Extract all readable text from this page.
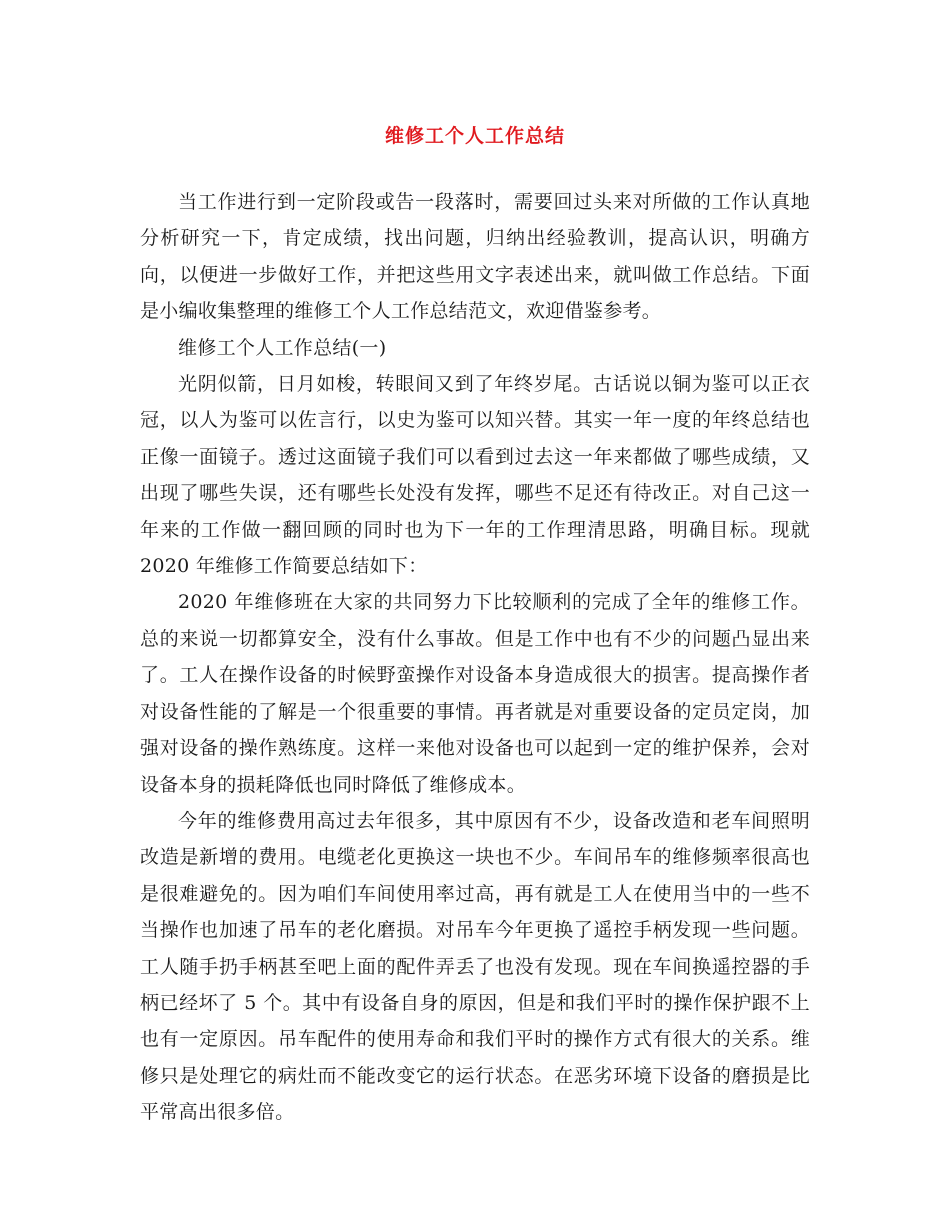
维修工个人工作总结

当工作进行到一定阶段或告一段落时，需要回过头来对所做的工作认真地分析研究一下，肯定成绩，找出问题，归纳出经验教训，提高认识，明确方向，以便进一步做好工作，并把这些用文字表述出来，就叫做工作总结。下面是小编收集整理的维修工个人工作总结范文，欢迎借鉴参考。

维修工个人工作总结(一)

光阴似箭，日月如梭，转眼间又到了年终岁尾。古话说以铜为鉴可以正衣冠，以人为鉴可以佐言行，以史为鉴可以知兴替。其实一年一度的年终总结也正像一面镜子。透过这面镜子我们可以看到过去这一年来都做了哪些成绩，又出现了哪些失误，还有哪些长处没有发挥，哪些不足还有待改正。对自己这一年来的工作做一翻回顾的同时也为下一年的工作理清思路，明确目标。现就 2020 年维修工作简要总结如下：

2020 年维修班在大家的共同努力下比较顺利的完成了全年的维修工作。总的来说一切都算安全，没有什么事故。但是工作中也有不少的问题凸显出来了。工人在操作设备的时候野蛮操作对设备本身造成很大的损害。提高操作者对设备性能的了解是一个很重要的事情。再者就是对重要设备的定员定岗，加强对设备的操作熟练度。这样一来他对设备也可以起到一定的维护保养，会对设备本身的损耗降低也同时降低了维修成本。

今年的维修费用高过去年很多，其中原因有不少，设备改造和老车间照明改造是新增的费用。电缆老化更换这一块也不少。车间吊车的维修频率很高也是很难避免的。因为咱们车间使用率过高，再有就是工人在使用当中的一些不当操作也加速了吊车的老化磨损。对吊车今年更换了遥控手柄发现一些问题。工人随手扔手柄甚至吧上面的配件弄丢了也没有发现。现在车间换遥控器的手柄已经坏了 5 个。其中有设备自身的原因，但是和我们平时的操作保护跟不上也有一定原因。吊车配件的使用寿命和我们平时的操作方式有很大的关系。维修只是处理它的病灶而不能改变它的运行状态。在恶劣环境下设备的磨损是比平常高出很多倍。
